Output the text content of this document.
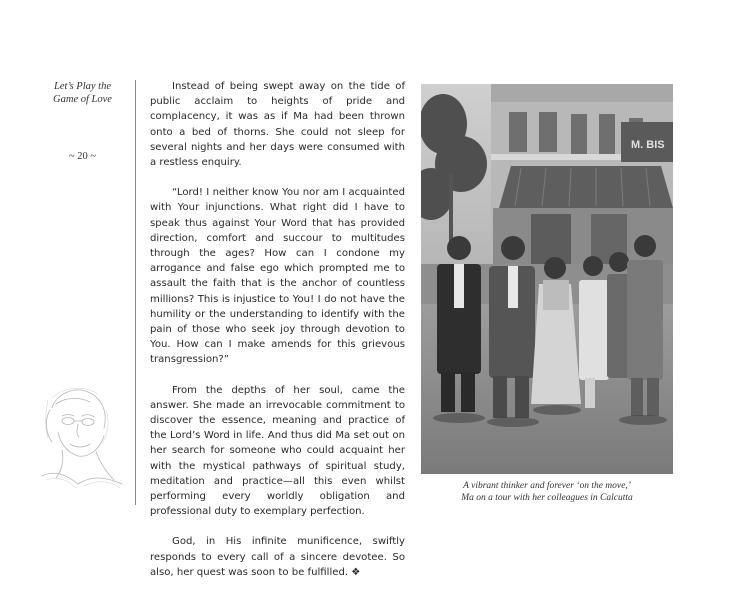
Let’s Play the
Game of Love
~ 20 ~

Instead of being swept away on the tide of public acclaim to heights of pride and complacency, it was as if Ma had been thrown onto a bed of thorns. She could not sleep for several nights and her days were consumed with a restless enquiry.

“Lord! I neither know You nor am I acquainted with Your injunctions. What right did I have to speak thus against Your Word that has provided direction, comfort and succour to multitudes through the ages? How can I condone my arrogance and false ego which prompted me to assault the faith that is the anchor of countless millions? This is injustice to You! I do not have the humility or the understanding to identify with the pain of those who seek joy through devotion to You. How can I make amends for this grievous transgression?”

From the depths of her soul, came the answer. She made an irrevocable commitment to discover the essence, meaning and practice of the Lord’s Word in life. And thus did Ma set out on her search for someone who could acquaint her with the mystical pathways of spiritual study, meditation and practice—all this even whilst performing every worldly obligation and professional duty to exemplary perfection.

God, in His infinite munificence, swiftly responds to every call of a sincere devotee. So also, her quest was soon to be fulfilled. ❖

M. BIS
A vibrant thinker and forever ‘on the move,’
Ma on a tour with her colleagues in Calcutta
